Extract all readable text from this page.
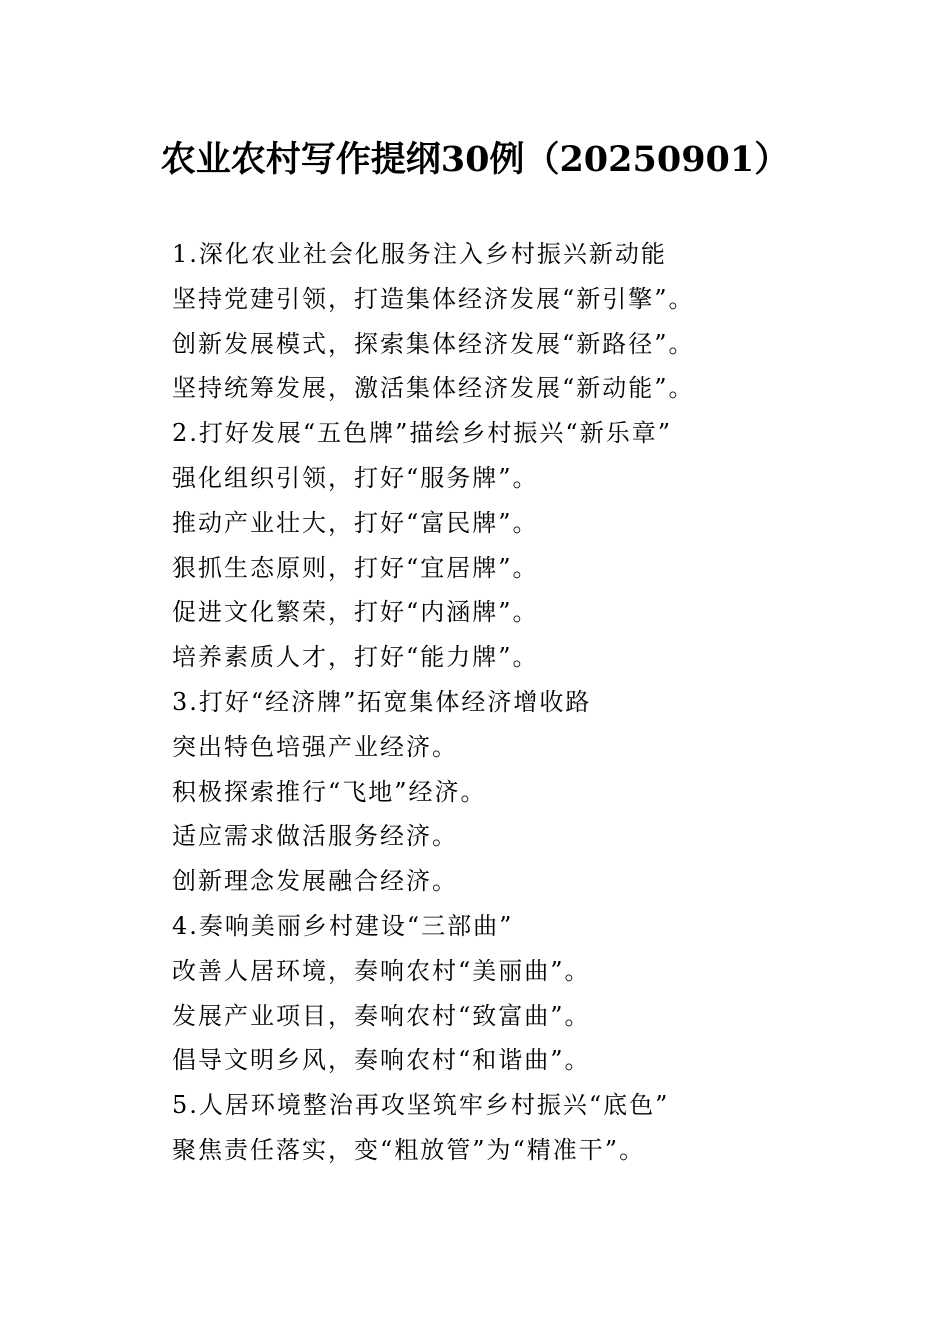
农业农村写作提纲30例（20250901）
1.深化农业社会化服务注入乡村振兴新动能
坚持党建引领，打造集体经济发展“新引擎”。
创新发展模式，探索集体经济发展“新路径”。
坚持统筹发展，激活集体经济发展“新动能”。
2.打好发展“五色牌”描绘乡村振兴“新乐章”
强化组织引领，打好“服务牌”。
推动产业壮大，打好“富民牌”。
狠抓生态原则，打好“宜居牌”。
促进文化繁荣，打好“内涵牌”。
培养素质人才，打好“能力牌”。
3.打好“经济牌”拓宽集体经济增收路
突出特色培强产业经济。
积极探索推行“飞地”经济。
适应需求做活服务经济。
创新理念发展融合经济。
4.奏响美丽乡村建设“三部曲”
改善人居环境，奏响农村“美丽曲”。
发展产业项目，奏响农村“致富曲”。
倡导文明乡风，奏响农村“和谐曲”。
5.人居环境整治再攻坚筑牢乡村振兴“底色”
聚焦责任落实，变“粗放管”为“精准干”。
